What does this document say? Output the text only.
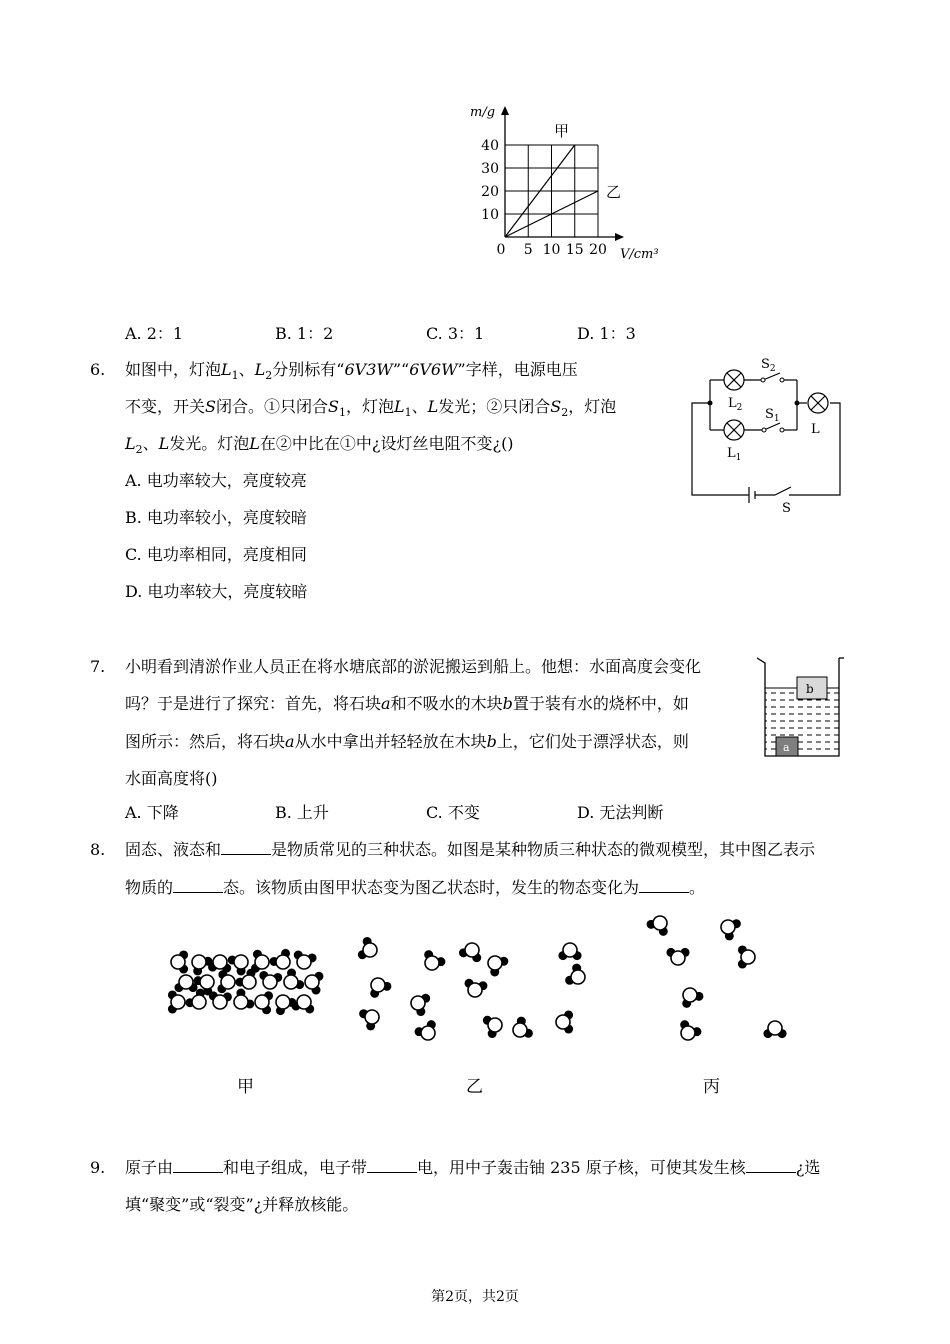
m/g
V/cm³
40
30
20
10
0 5 10 15 20
甲
乙
A. 2：1	B. 1：2	C. 3：1	D. 1：3
6. 如图中，灯泡$L_1$、$L_2$分别标有“6V3W”“6V6W”字样，电源电压
不变，开关S闭合。①只闭合$S_1$，灯泡$L_1$、L发光；②只闭合$S_2$，灯泡
$L_2$、L发光。灯泡L在②中比在①中¿设灯丝电阻不变¿()
A. 电功率较大，亮度较亮
B. 电功率较小，亮度较暗
C. 电功率相同，亮度相同
D. 电功率较大，亮度较暗
$S_2$
$L_2$ $S_1$
$L_1$
L
S
7. 小明看到清淤作业人员正在将水塘底部的淤泥搬运到船上。他想：水面高度会变化
吗？于是进行了探究：首先，将石块a和不吸水的木块b置于装有水的烧杯中，如
图所示：然后，将石块a从水中拿出并轻轻放在木块b上，它们处于漂浮状态，则
水面高度将()
A. 下降	B. 上升	C. 不变	D. 无法判断
b
a
8. 固态、液态和	是物质常见的三种状态。如图是某种物质三种状态的微观模型，其中图乙表示
物质的	态。该物质由图甲状态变为图乙状态时，发生的物态变化为	。
甲	乙	丙
9. 原子由	和电子组成，电子带	电，用中子轰击铀 235 原子核，可使其发生核	¿选
填“聚变”或“裂变”¿并释放核能。
第2页，共2页
